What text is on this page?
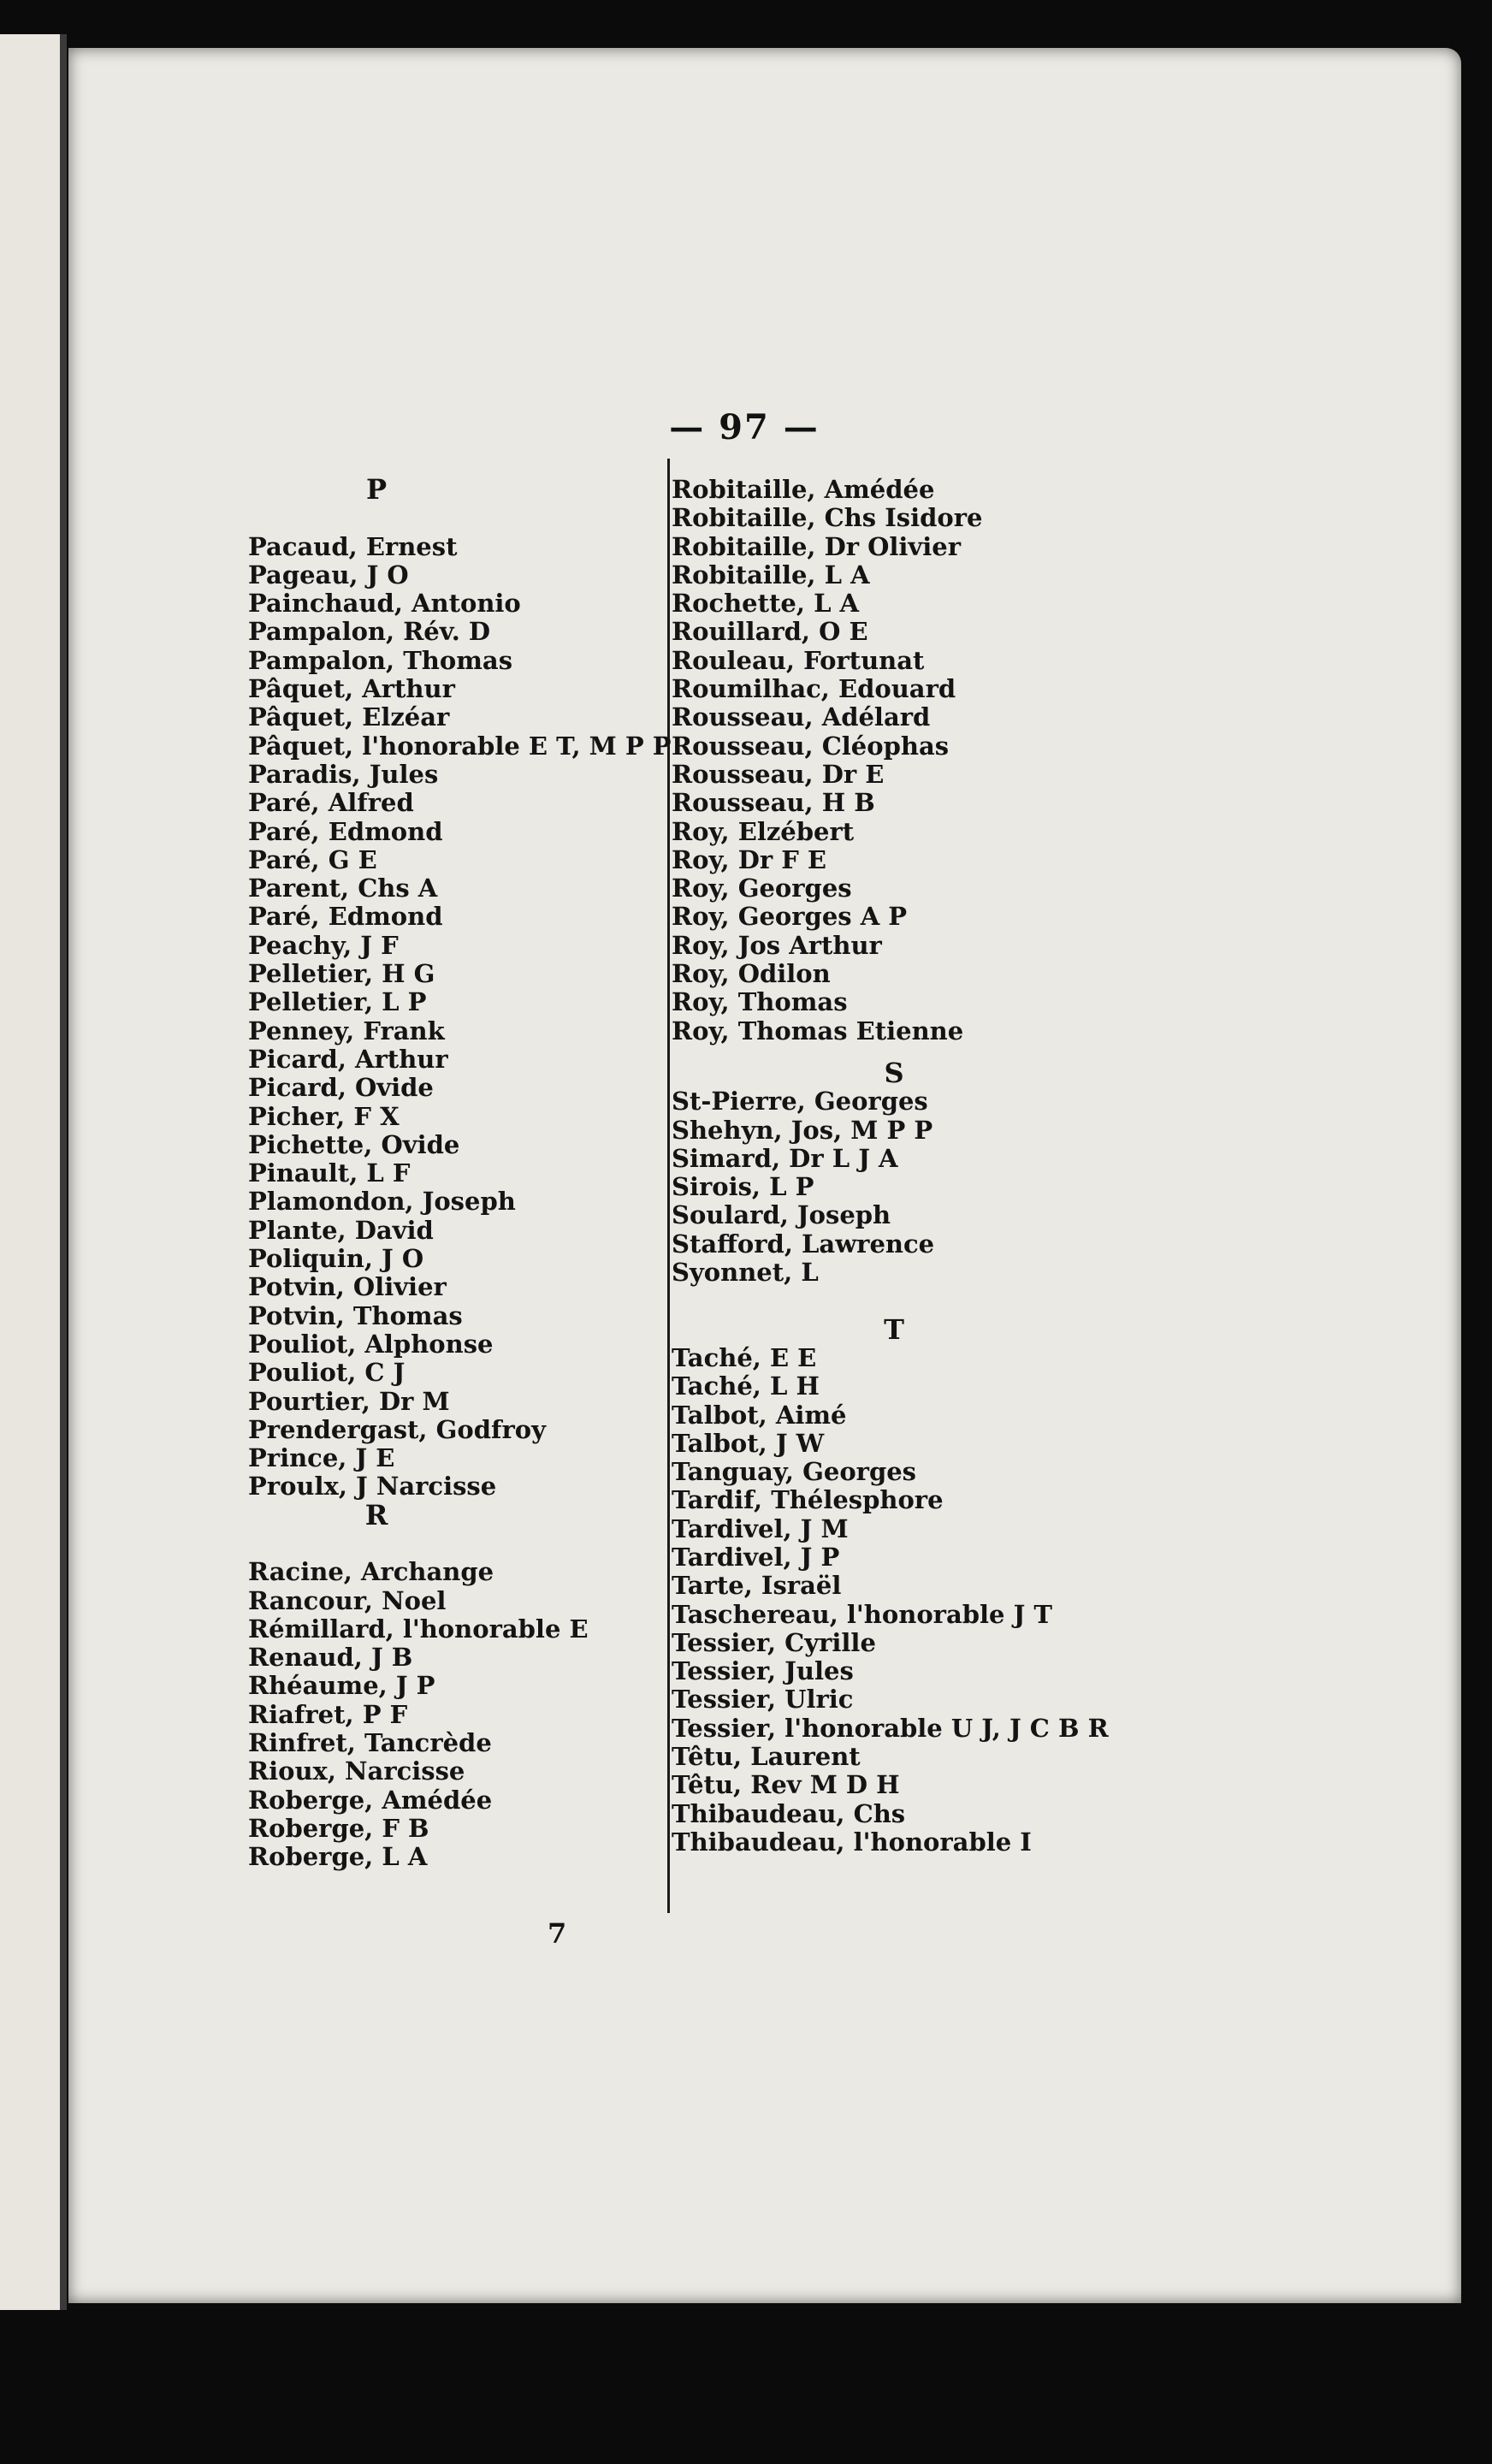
— 97 —
P
Pacaud, Ernest
Pageau, J O
Painchaud, Antonio
Pampalon, Rév. D
Pampalon, Thomas
Pâquet, Arthur
Pâquet, Elzéar
Pâquet, l'honorable E T, M P P
Paradis, Jules
Paré, Alfred
Paré, Edmond
Paré, G E
Parent, Chs A
Paré, Edmond
Peachy, J F
Pelletier, H G
Pelletier, L P
Penney, Frank
Picard, Arthur
Picard, Ovide
Picher, F X
Pichette, Ovide
Pinault, L F
Plamondon, Joseph
Plante, David
Poliquin, J O
Potvin, Olivier
Potvin, Thomas
Pouliot, Alphonse
Pouliot, C J
Pourtier, Dr M
Prendergast, Godfroy
Prince, J E
Proulx, J Narcisse
R
Racine, Archange
Rancour, Noel
Rémillard, l'honorable E
Renaud, J B
Rhéaume, J P
Riafret, P F
Rinfret, Tancrède
Rioux, Narcisse
Roberge, Amédée
Roberge, F B
Roberge, L A
Robitaille, Amédée
Robitaille, Chs Isidore
Robitaille, Dr Olivier
Robitaille, L A
Rochette, L A
Rouillard, O E
Rouleau, Fortunat
Roumilhac, Edouard
Rousseau, Adélard
Rousseau, Cléophas
Rousseau, Dr E
Rousseau, H B
Roy, Elzébert
Roy, Dr F E
Roy, Georges
Roy, Georges A P
Roy, Jos Arthur
Roy, Odilon
Roy, Thomas
Roy, Thomas Etienne
S
St-Pierre, Georges
Shehyn, Jos, M P P
Simard, Dr L J A
Sirois, L P
Soulard, Joseph
Stafford, Lawrence
Syonnet, L
T
Taché, E E
Taché, L H
Talbot, Aimé
Talbot, J W
Tanguay, Georges
Tardif, Thélesphore
Tardivel, J M
Tardivel, J P
Tarte, Israël
Taschereau, l'honorable J T
Tessier, Cyrille
Tessier, Jules
Tessier, Ulric
Tessier, l'honorable U J, J C B R
Têtu, Laurent
Têtu, Rev M D H
Thibaudeau, Chs
Thibaudeau, l'honorable I
7
